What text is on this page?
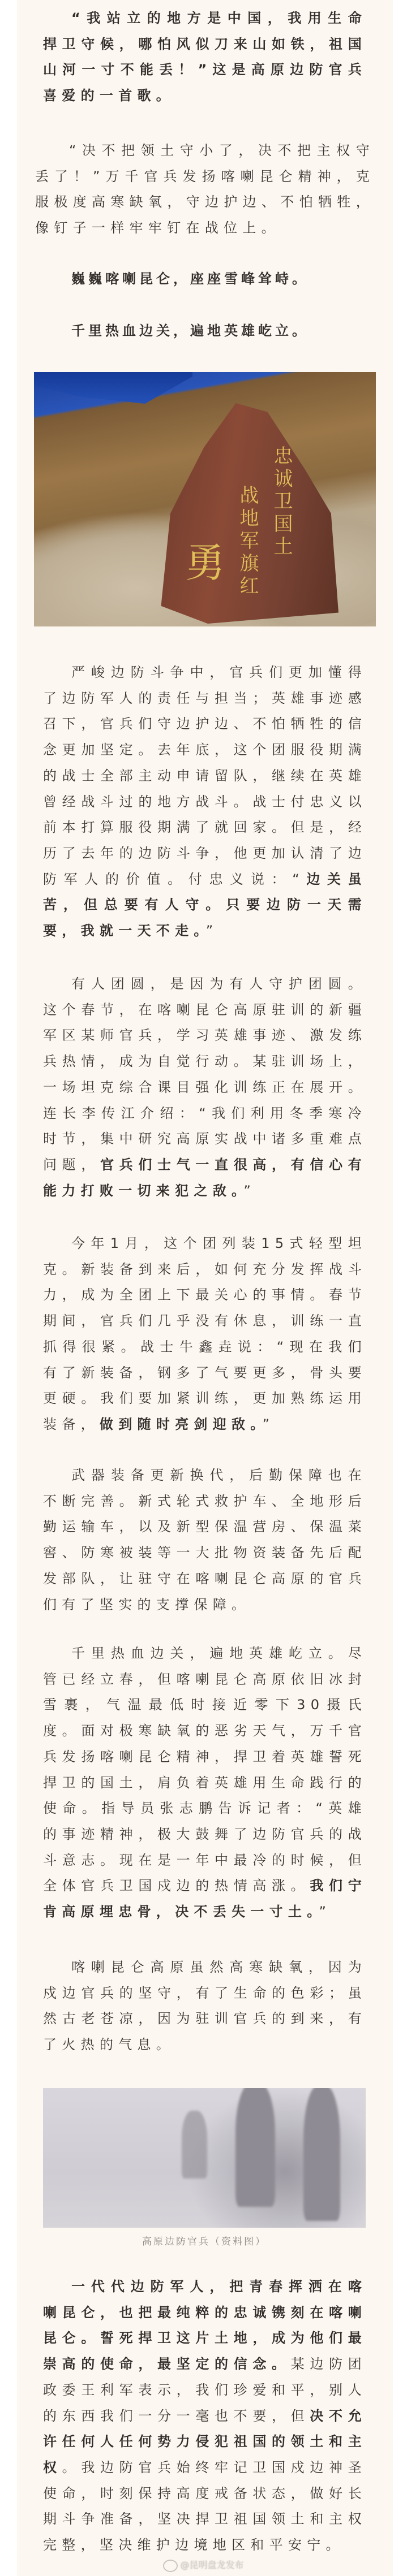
“我站立的地方是中国，我用生命捍卫守候，哪怕风似刀来山如铁，祖国山河一寸不能丢！”这是高原边防官兵喜爱的一首歌。
“决不把领土守小了，决不把主权守丢了！”万千官兵发扬喀喇昆仑精神，克服极度高寒缺氧，守边护边、不怕牺牲，像钉子一样牢牢钉在战位上。
巍巍喀喇昆仑，座座雪峰耸峙。
千里热血边关，遍地英雄屹立。
忠诚卫国土
战地军旗红
勇
严峻边防斗争中，官兵们更加懂得了边防军人的责任与担当；英雄事迹感召下，官兵们守边护边、不怕牺牲的信念更加坚定。去年底，这个团服役期满的战士全部主动申请留队，继续在英雄曾经战斗过的地方战斗。战士付忠义以前本打算服役期满了就回家。但是，经历了去年的边防斗争，他更加认清了边防军人的价值。付忠义说：“边关虽苦，但总要有人守。只要边防一天需要，我就一天不走。”
有人团圆，是因为有人守护团圆。这个春节，在喀喇昆仑高原驻训的新疆军区某师官兵，学习英雄事迹、激发练兵热情，成为自觉行动。某驻训场上，一场坦克综合课目强化训练正在展开。连长李传江介绍：“我们利用冬季寒冷时节，集中研究高原实战中诸多重难点问题，官兵们士气一直很高，有信心有能力打败一切来犯之敌。”
今年1月，这个团列装15式轻型坦克。新装备到来后，如何充分发挥战斗力，成为全团上下最关心的事情。春节期间，官兵们几乎没有休息，训练一直抓得很紧。战士牛鑫垚说：“现在我们有了新装备，钢多了气要更多，骨头要更硬。我们要加紧训练，更加熟练运用装备，做到随时亮剑迎敌。”
武器装备更新换代，后勤保障也在不断完善。新式轮式救护车、全地形后勤运输车，以及新型保温营房、保温菜窖、防寒被装等一大批物资装备先后配发部队，让驻守在喀喇昆仑高原的官兵们有了坚实的支撑保障。
千里热血边关，遍地英雄屹立。尽管已经立春，但喀喇昆仑高原依旧冰封雪裹，气温最低时接近零下30摄氏度。面对极寒缺氧的恶劣天气，万千官兵发扬喀喇昆仑精神，捍卫着英雄誓死捍卫的国土，肩负着英雄用生命践行的使命。指导员张志鹏告诉记者：“英雄的事迹精神，极大鼓舞了边防官兵的战斗意志。现在是一年中最冷的时候，但全体官兵卫国戍边的热情高涨。我们宁肯高原埋忠骨，决不丢失一寸土。”
喀喇昆仑高原虽然高寒缺氧，因为戍边官兵的坚守，有了生命的色彩；虽然古老苍凉，因为驻训官兵的到来，有了火热的气息。
高原边防官兵（资料图）
一代代边防军人，把青春挥洒在喀喇昆仑，也把最纯粹的忠诚镌刻在喀喇昆仑。誓死捍卫这片土地，成为他们最崇高的使命，最坚定的信念。某边防团政委王利军表示，我们珍爱和平，别人的东西我们一分一毫也不要，但决不允许任何人任何势力侵犯祖国的领土和主权。我边防官兵始终牢记卫国戍边神圣使命，时刻保持高度戒备状态，做好长期斗争准备，坚决捍卫祖国领土和主权完整，坚决维护边境地区和平安宁。
@昆明盘龙发布
